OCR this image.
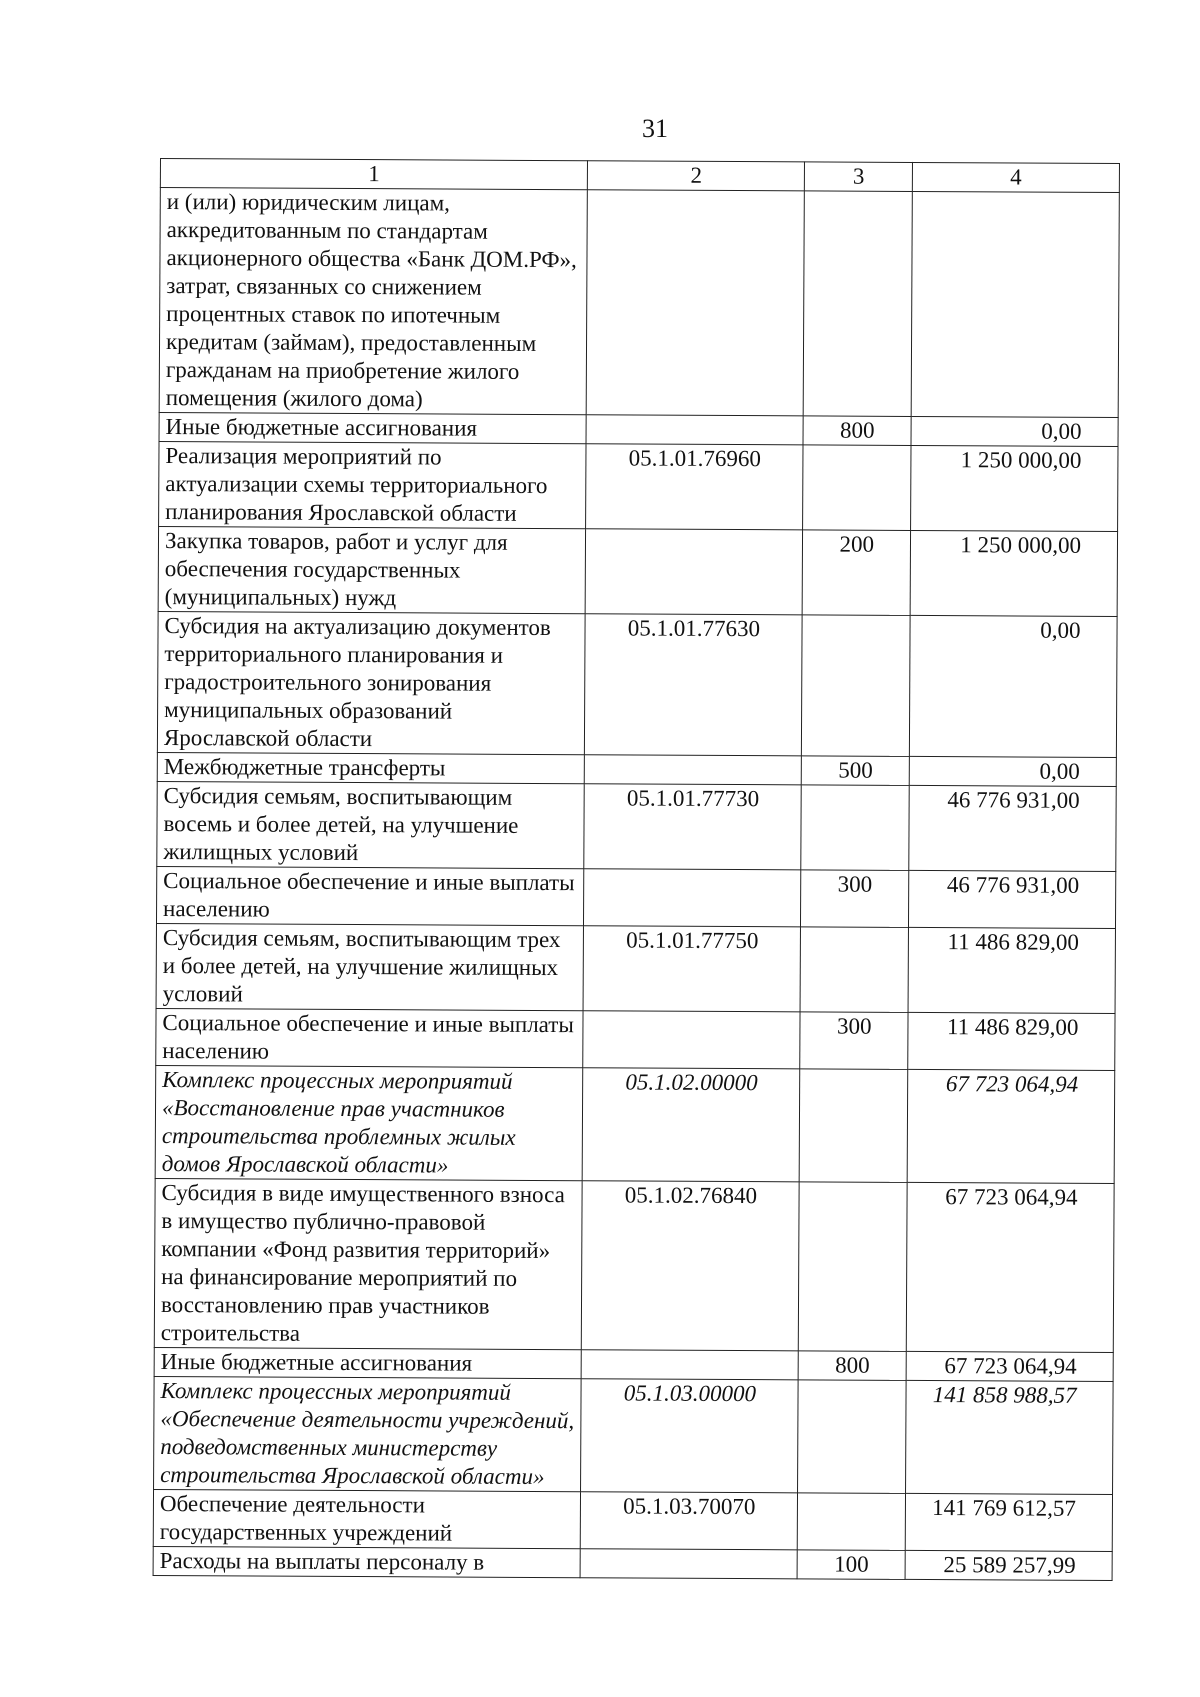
31
1	2	3	4
и (или) юридическим лицам, аккредитованным по стандартам акционерного общества «Банк ДОМ.РФ», затрат, связанных со снижением процентных ставок по ипотечным кредитам (займам), предоставленным гражданам на приобретение жилого помещения (жилого дома)			
Иные бюджетные ассигнования		800	0,00
Реализация мероприятий по актуализации схемы территориального планирования Ярославской области	05.1.01.76960		1 250 000,00
Закупка товаров, работ и услуг для обеспечения государственных (муниципальных) нужд		200	1 250 000,00
Субсидия на актуализацию документов территориального планирования и градостроительного зонирования муниципальных образований Ярославской области	05.1.01.77630		0,00
Межбюджетные трансферты		500	0,00
Субсидия семьям, воспитывающим восемь и более детей, на улучшение жилищных условий	05.1.01.77730		46 776 931,00
Социальное обеспечение и иные выплаты населению		300	46 776 931,00
Субсидия семьям, воспитывающим трех и более детей, на улучшение жилищных условий	05.1.01.77750		11 486 829,00
Социальное обеспечение и иные выплаты населению		300	11 486 829,00
Комплекс процессных мероприятий «Восстановление прав участников строительства проблемных жилых домов Ярославской области»	05.1.02.00000		67 723 064,94
Субсидия в виде имущественного взноса в имущество публично-правовой компании «Фонд развития территорий» на финансирование мероприятий по восстановлению прав участников строительства	05.1.02.76840		67 723 064,94
Иные бюджетные ассигнования		800	67 723 064,94
Комплекс процессных мероприятий «Обеспечение деятельности учреждений, подведомственных министерству строительства Ярославской области»	05.1.03.00000		141 858 988,57
Обеспечение деятельности государственных учреждений	05.1.03.70070		141 769 612,57
Расходы на выплаты персоналу в		100	25 589 257,99
